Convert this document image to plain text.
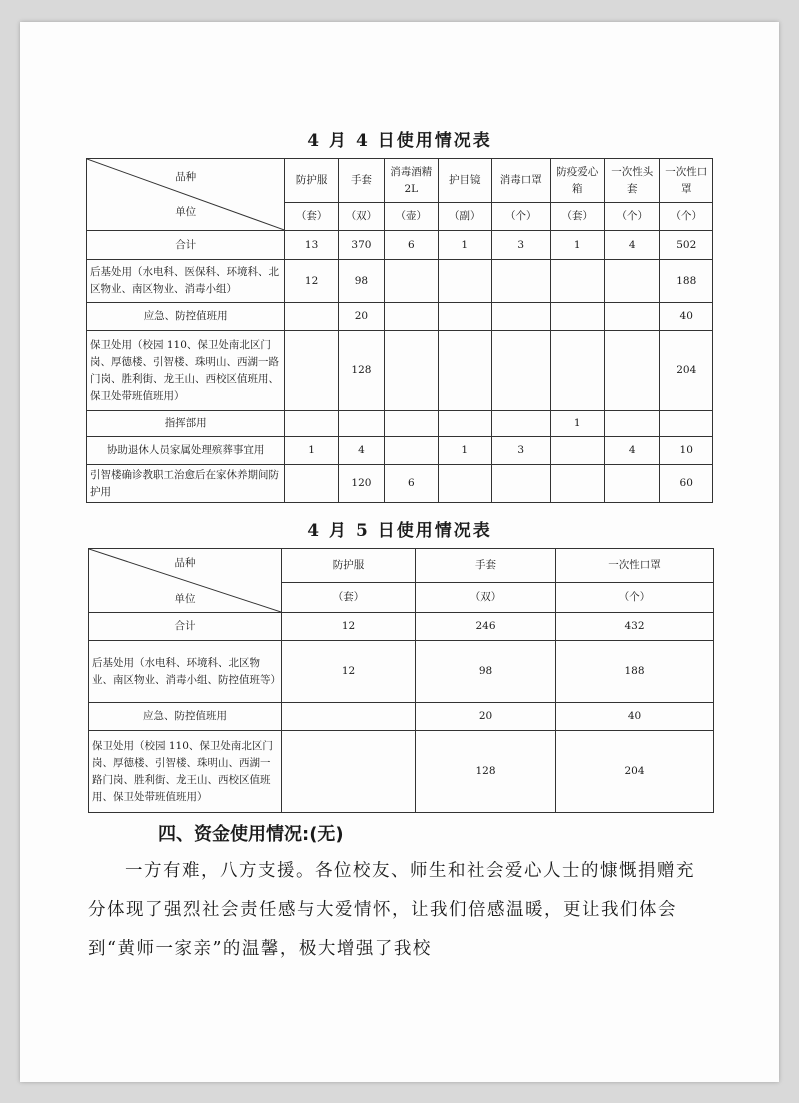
4 月 4 日使用情况表
品种
单位	防护服	手套	消毒酒精2L	护目镜	消毒口罩	防疫爱心箱	一次性头套	一次性口罩
	（套）	（双）	（壶）	（副）	（个）	（套）	（个）	（个）
合计	13	370	6	1	3	1	4	502
后基处用（水电科、医保科、环境科、北区物业、南区物业、消毒小组）	12	98						188
应急、防控值班用		20						40
保卫处用（校园 110、保卫处南北区门岗、厚德楼、引智楼、珠明山、西湖一路门岗、胜利街、龙王山、西校区值班用、保卫处带班值班用）		128						204
指挥部用						1		
协助退休人员家属处理殡葬事宜用	1	4		1	3		4	10
引智楼确诊教职工治愈后在家休养期间防护用		120	6					60
4 月 5 日使用情况表
品种
单位	防护服	手套	一次性口罩
	（套）	（双）	（个）
合计	12	246	432
后基处用（水电科、环境科、北区物业、南区物业、消毒小组、防控值班等）	12	98	188
应急、防控值班用		20	40
保卫处用（校园 110、保卫处南北区门岗、厚德楼、引智楼、珠明山、西湖一路门岗、胜利街、龙王山、西校区值班用、保卫处带班值班用）		128	204
四、资金使用情况:(无)
一方有难，八方支援。各位校友、师生和社会爱心人士的慷慨捐赠充分体现了强烈社会责任感与大爱情怀，让我们倍感温暖，更让我们体会到“黄师一家亲”的温馨，极大增强了我校
